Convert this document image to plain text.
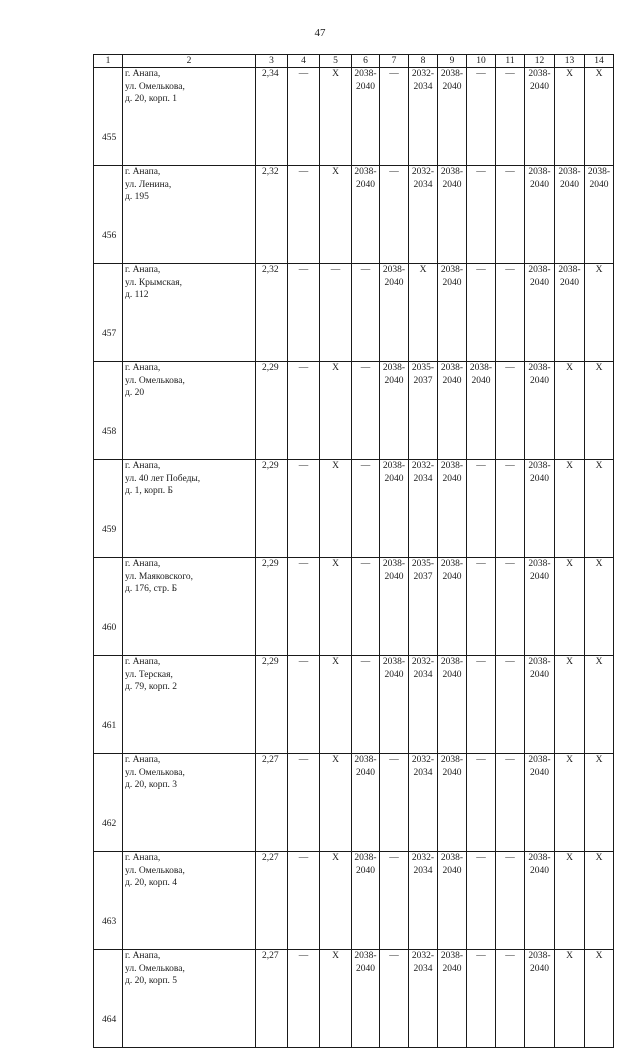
47
1	2	3	4	5	6	7	8	9	10	11	12	13	14
455	г. Анапа,
ул. Омелькова,
д. 20, корп. 1	2,34	—	X	2038-
2040	—	2032-
2034	2038-
2040	—	—	2038-
2040	X	X

456	г. Анапа,
ул. Ленина,
д. 195	2,32	—	X	2038-
2040	—	2032-
2034	2038-
2040	—	—	2038-
2040	2038-
2040	2038-
2040

457	г. Анапа,
ул. Крымская,
д. 112	2,32	—	—	—	2038-
2040	X	2038-
2040	—	—	2038-
2040	2038-
2040	X

458	г. Анапа,
ул. Омелькова,
д. 20	2,29	—	X	—	2038-
2040	2035-
2037	2038-
2040	2038-
2040	—	2038-
2040	X	X

459	г. Анапа,
ул. 40 лет Победы,
д. 1, корп. Б	2,29	—	X	—	2038-
2040	2032-
2034	2038-
2040	—	—	2038-
2040	X	X

460	г. Анапа,
ул. Маяковского,
д. 176, стр. Б	2,29	—	X	—	2038-
2040	2035-
2037	2038-
2040	—	—	2038-
2040	X	X

461	г. Анапа,
ул. Терская,
д. 79, корп. 2	2,29	—	X	—	2038-
2040	2032-
2034	2038-
2040	—	—	2038-
2040	X	X

462	г. Анапа,
ул. Омелькова,
д. 20, корп. 3	2,27	—	X	2038-
2040	—	2032-
2034	2038-
2040	—	—	2038-
2040	X	X

463	г. Анапа,
ул. Омелькова,
д. 20, корп. 4	2,27	—	X	2038-
2040	—	2032-
2034	2038-
2040	—	—	2038-
2040	X	X

464	г. Анапа,
ул. Омелькова,
д. 20, корп. 5	2,27	—	X	2038-
2040	—	2032-
2034	2038-
2040	—	—	2038-
2040	X	X
